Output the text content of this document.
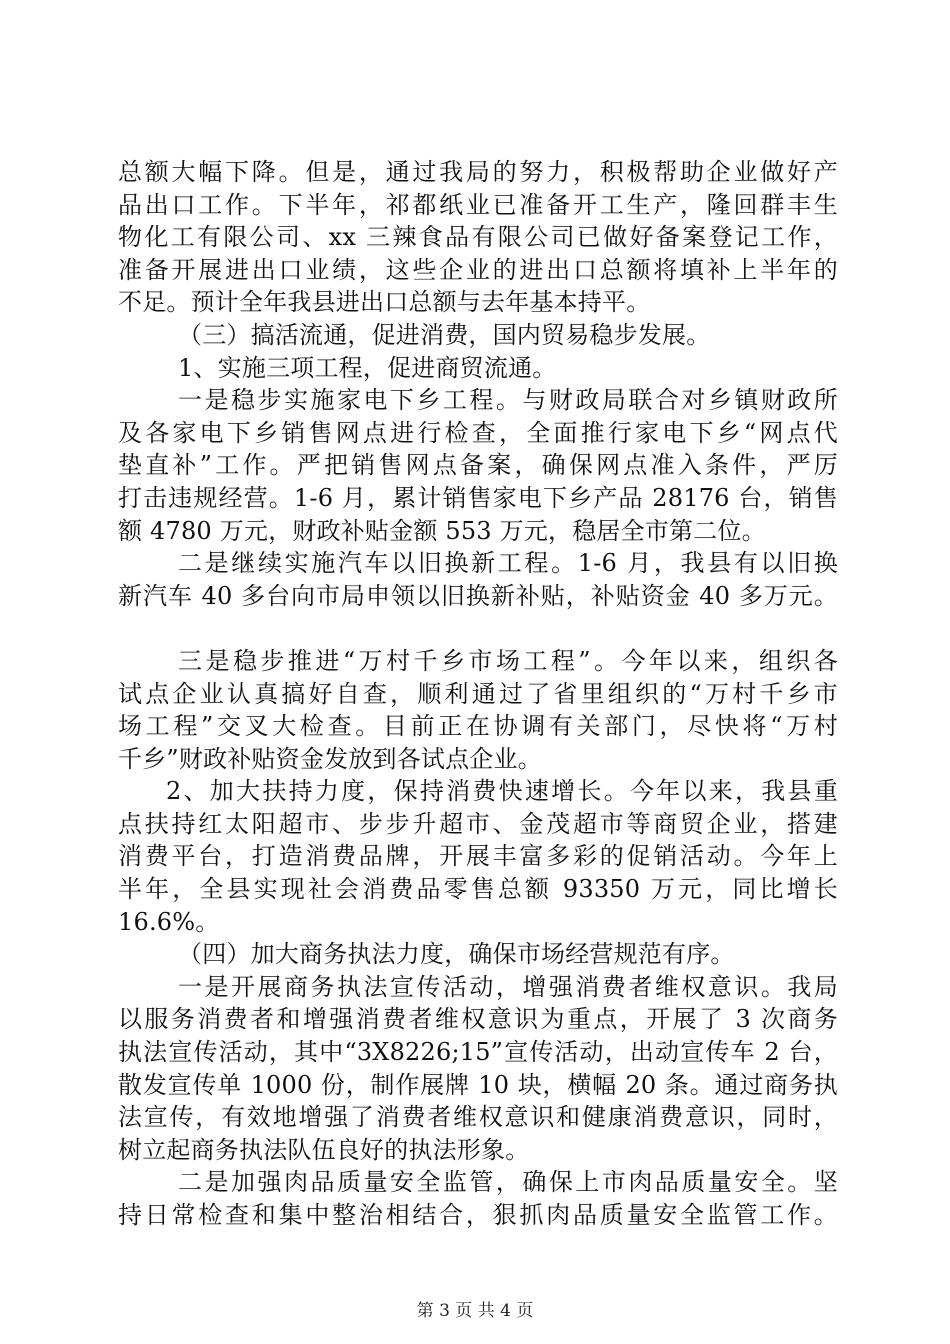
总额大幅下降。但是，通过我局的努力，积极帮助企业做好产
品出口工作。下半年，祁都纸业已准备开工生产，隆回群丰生
物化工有限公司、xx 三辣食品有限公司已做好备案登记工作，
准备开展进出口业绩，这些企业的进出口总额将填补上半年的
不足。预计全年我县进出口总额与去年基本持平。
（三）搞活流通，促进消费，国内贸易稳步发展。
1、实施三项工程，促进商贸流通。
一是稳步实施家电下乡工程。与财政局联合对乡镇财政所
及各家电下乡销售网点进行检查，全面推行家电下乡“网点代
垫直补”工作。严把销售网点备案，确保网点准入条件，严厉
打击违规经营。1-6 月，累计销售家电下乡产品 28176 台，销售
额 4780 万元，财政补贴金额 553 万元，稳居全市第二位。
二是继续实施汽车以旧换新工程。1-6 月，我县有以旧换
新汽车 40 多台向市局申领以旧换新补贴，补贴资金 40 多万元。
三是稳步推进“万村千乡市场工程”。今年以来，组织各
试点企业认真搞好自查，顺利通过了省里组织的“万村千乡市
场工程”交叉大检查。目前正在协调有关部门，尽快将“万村
千乡”财政补贴资金发放到各试点企业。
2、加大扶持力度，保持消费快速增长。今年以来，我县重
点扶持红太阳超市、步步升超市、金茂超市等商贸企业，搭建
消费平台，打造消费品牌，开展丰富多彩的促销活动。今年上
半年，全县实现社会消费品零售总额 93350 万元，同比增长
16.6%。
（四）加大商务执法力度，确保市场经营规范有序。
一是开展商务执法宣传活动，增强消费者维权意识。我局
以服务消费者和增强消费者维权意识为重点，开展了 3 次商务
执法宣传活动，其中“3X8226;15”宣传活动，出动宣传车 2 台，
散发宣传单 1000 份，制作展牌 10 块，横幅 20 条。通过商务执
法宣传，有效地增强了消费者维权意识和健康消费意识，同时，
树立起商务执法队伍良好的执法形象。
二是加强肉品质量安全监管，确保上市肉品质量安全。坚
持日常检查和集中整治相结合，狠抓肉品质量安全监管工作。
第 3 页 共 4 页
